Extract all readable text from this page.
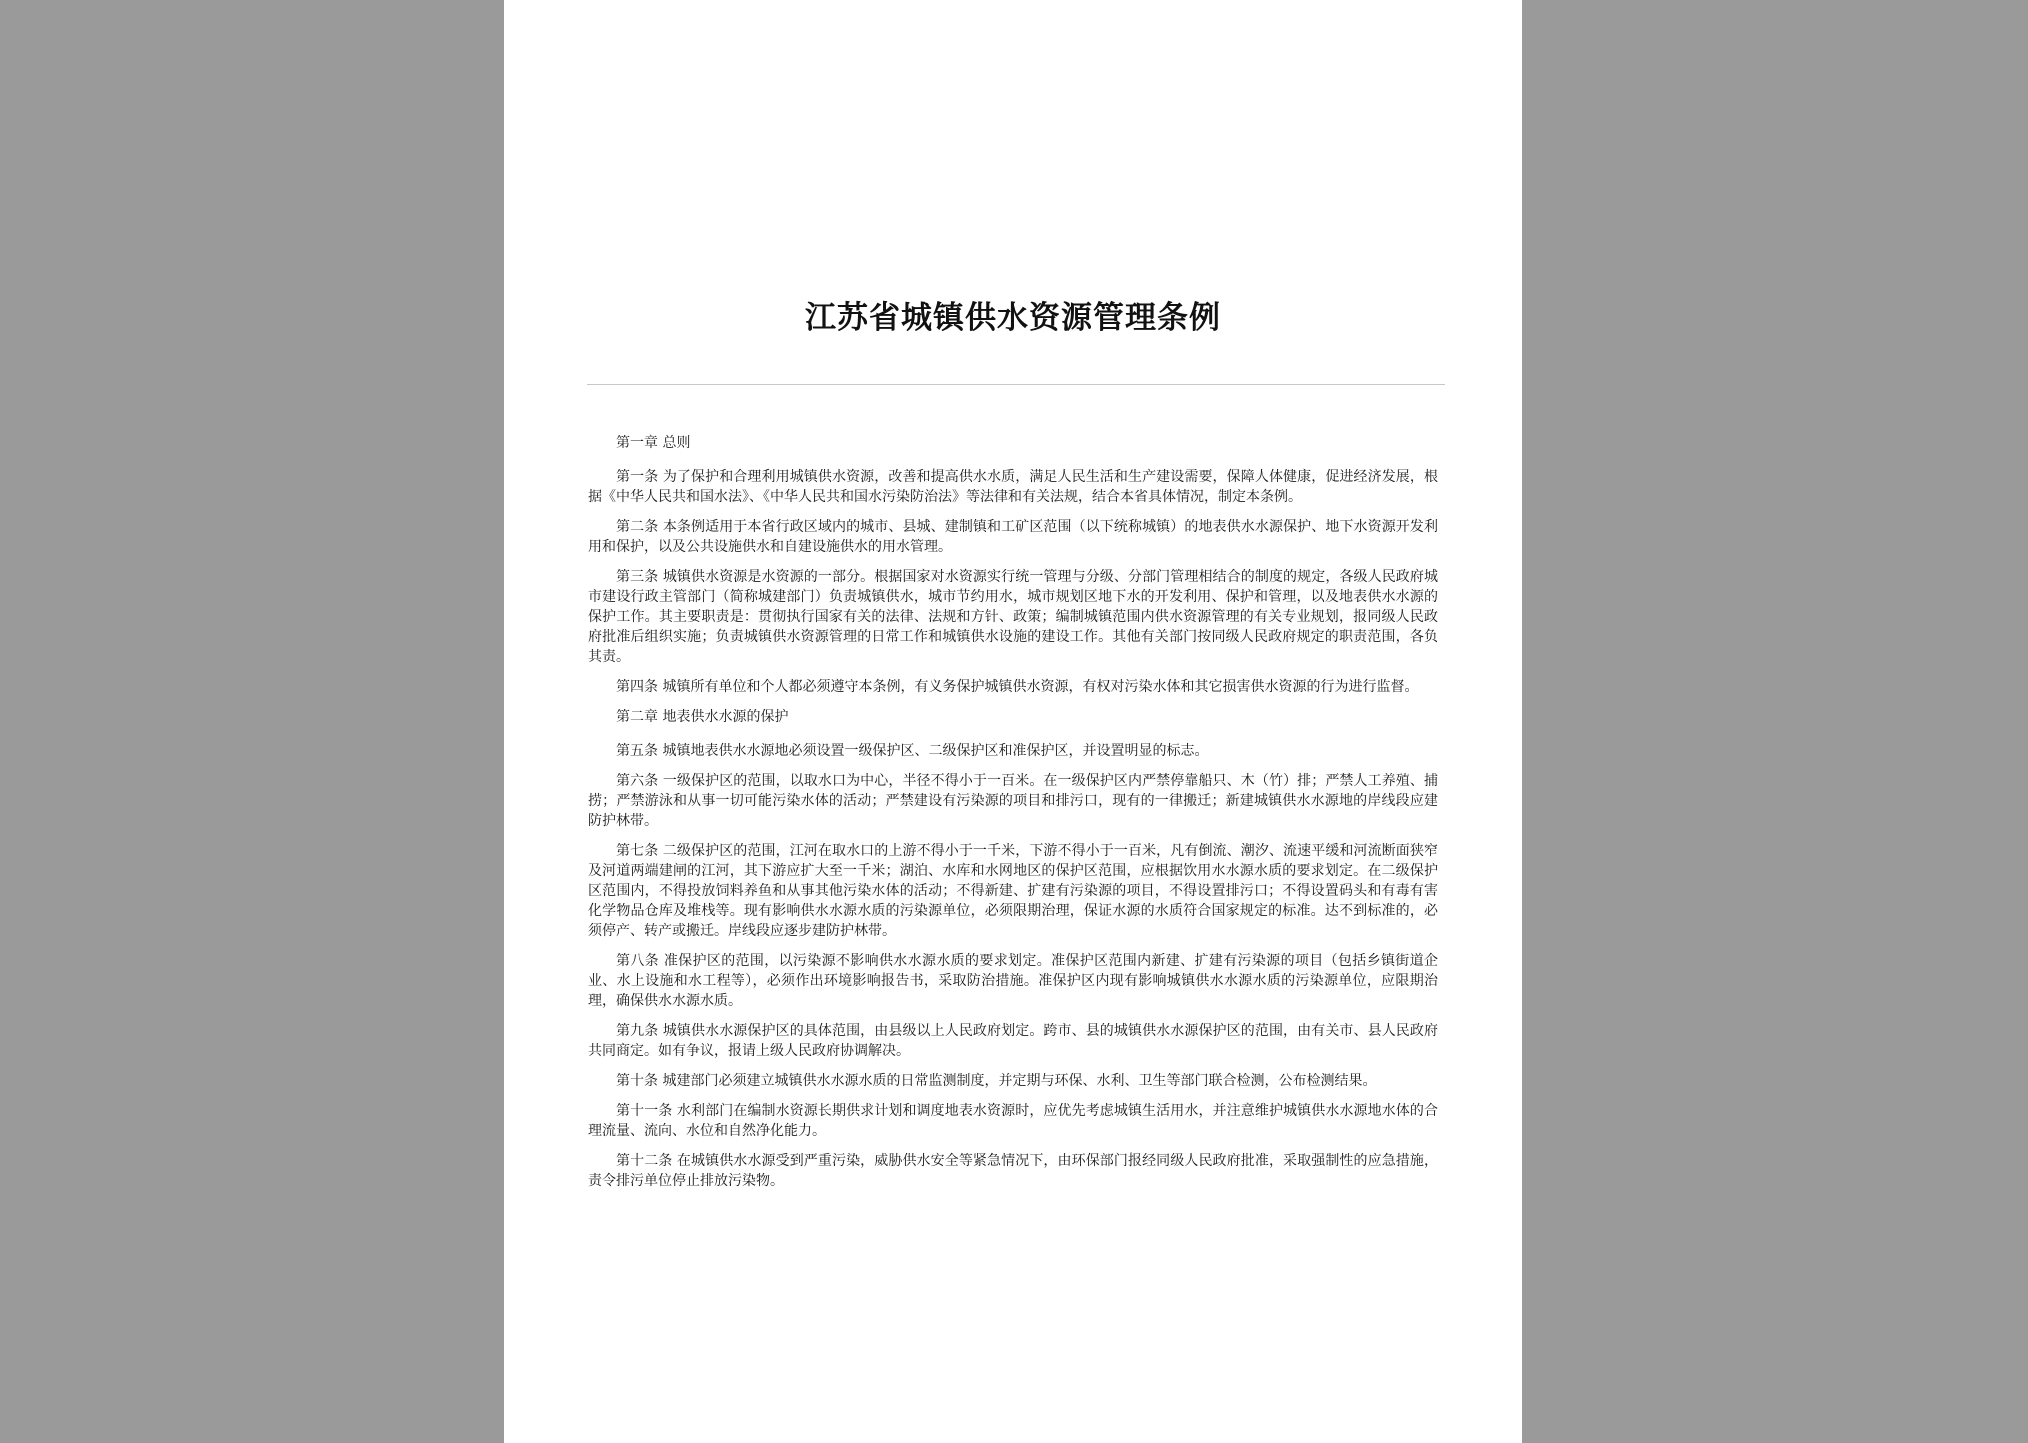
江苏省城镇供水资源管理条例

第一章 总则

第一条 为了保护和合理利用城镇供水资源，改善和提高供水水质，满足人民生活和生产建设需要，保障人体健康，促进经济发展，根据《中华人民共和国水法》、《中华人民共和国水污染防治法》等法律和有关法规，结合本省具体情况，制定本条例。

第二条 本条例适用于本省行政区域内的城市、县城、建制镇和工矿区范围（以下统称城镇）的地表供水水源保护、地下水资源开发利用和保护，以及公共设施供水和自建设施供水的用水管理。

第三条 城镇供水资源是水资源的一部分。根据国家对水资源实行统一管理与分级、分部门管理相结合的制度的规定，各级人民政府城市建设行政主管部门（简称城建部门）负责城镇供水，城市节约用水，城市规划区地下水的开发利用、保护和管理，以及地表供水水源的保护工作。其主要职责是：贯彻执行国家有关的法律、法规和方针、政策；编制城镇范围内供水资源管理的有关专业规划，报同级人民政府批准后组织实施；负责城镇供水资源管理的日常工作和城镇供水设施的建设工作。其他有关部门按同级人民政府规定的职责范围，各负其责。

第四条 城镇所有单位和个人都必须遵守本条例，有义务保护城镇供水资源，有权对污染水体和其它损害供水资源的行为进行监督。

第二章 地表供水水源的保护

第五条 城镇地表供水水源地必须设置一级保护区、二级保护区和准保护区，并设置明显的标志。

第六条 一级保护区的范围，以取水口为中心，半径不得小于一百米。在一级保护区内严禁停靠船只、木（竹）排；严禁人工养殖、捕捞；严禁游泳和从事一切可能污染水体的活动；严禁建设有污染源的项目和排污口，现有的一律搬迁；新建城镇供水水源地的岸线段应建防护林带。

第七条 二级保护区的范围，江河在取水口的上游不得小于一千米，下游不得小于一百米，凡有倒流、潮汐、流速平缓和河流断面狭窄及河道两端建闸的江河，其下游应扩大至一千米；湖泊、水库和水网地区的保护区范围，应根据饮用水水源水质的要求划定。在二级保护区范围内，不得投放饲料养鱼和从事其他污染水体的活动；不得新建、扩建有污染源的项目，不得设置排污口；不得设置码头和有毒有害化学物品仓库及堆栈等。现有影响供水水源水质的污染源单位，必须限期治理，保证水源的水质符合国家规定的标准。达不到标准的，必须停产、转产或搬迁。岸线段应逐步建防护林带。

第八条 准保护区的范围，以污染源不影响供水水源水质的要求划定。准保护区范围内新建、扩建有污染源的项目（包括乡镇街道企业、水上设施和水工程等），必须作出环境影响报告书，采取防治措施。准保护区内现有影响城镇供水水源水质的污染源单位，应限期治理，确保供水水源水质。

第九条 城镇供水水源保护区的具体范围，由县级以上人民政府划定。跨市、县的城镇供水水源保护区的范围，由有关市、县人民政府共同商定。如有争议，报请上级人民政府协调解决。

第十条 城建部门必须建立城镇供水水源水质的日常监测制度，并定期与环保、水利、卫生等部门联合检测，公布检测结果。

第十一条 水利部门在编制水资源长期供求计划和调度地表水资源时，应优先考虑城镇生活用水，并注意维护城镇供水水源地水体的合理流量、流向、水位和自然净化能力。

第十二条 在城镇供水水源受到严重污染，威胁供水安全等紧急情况下，由环保部门报经同级人民政府批准，采取强制性的应急措施，责令排污单位停止排放污染物。
